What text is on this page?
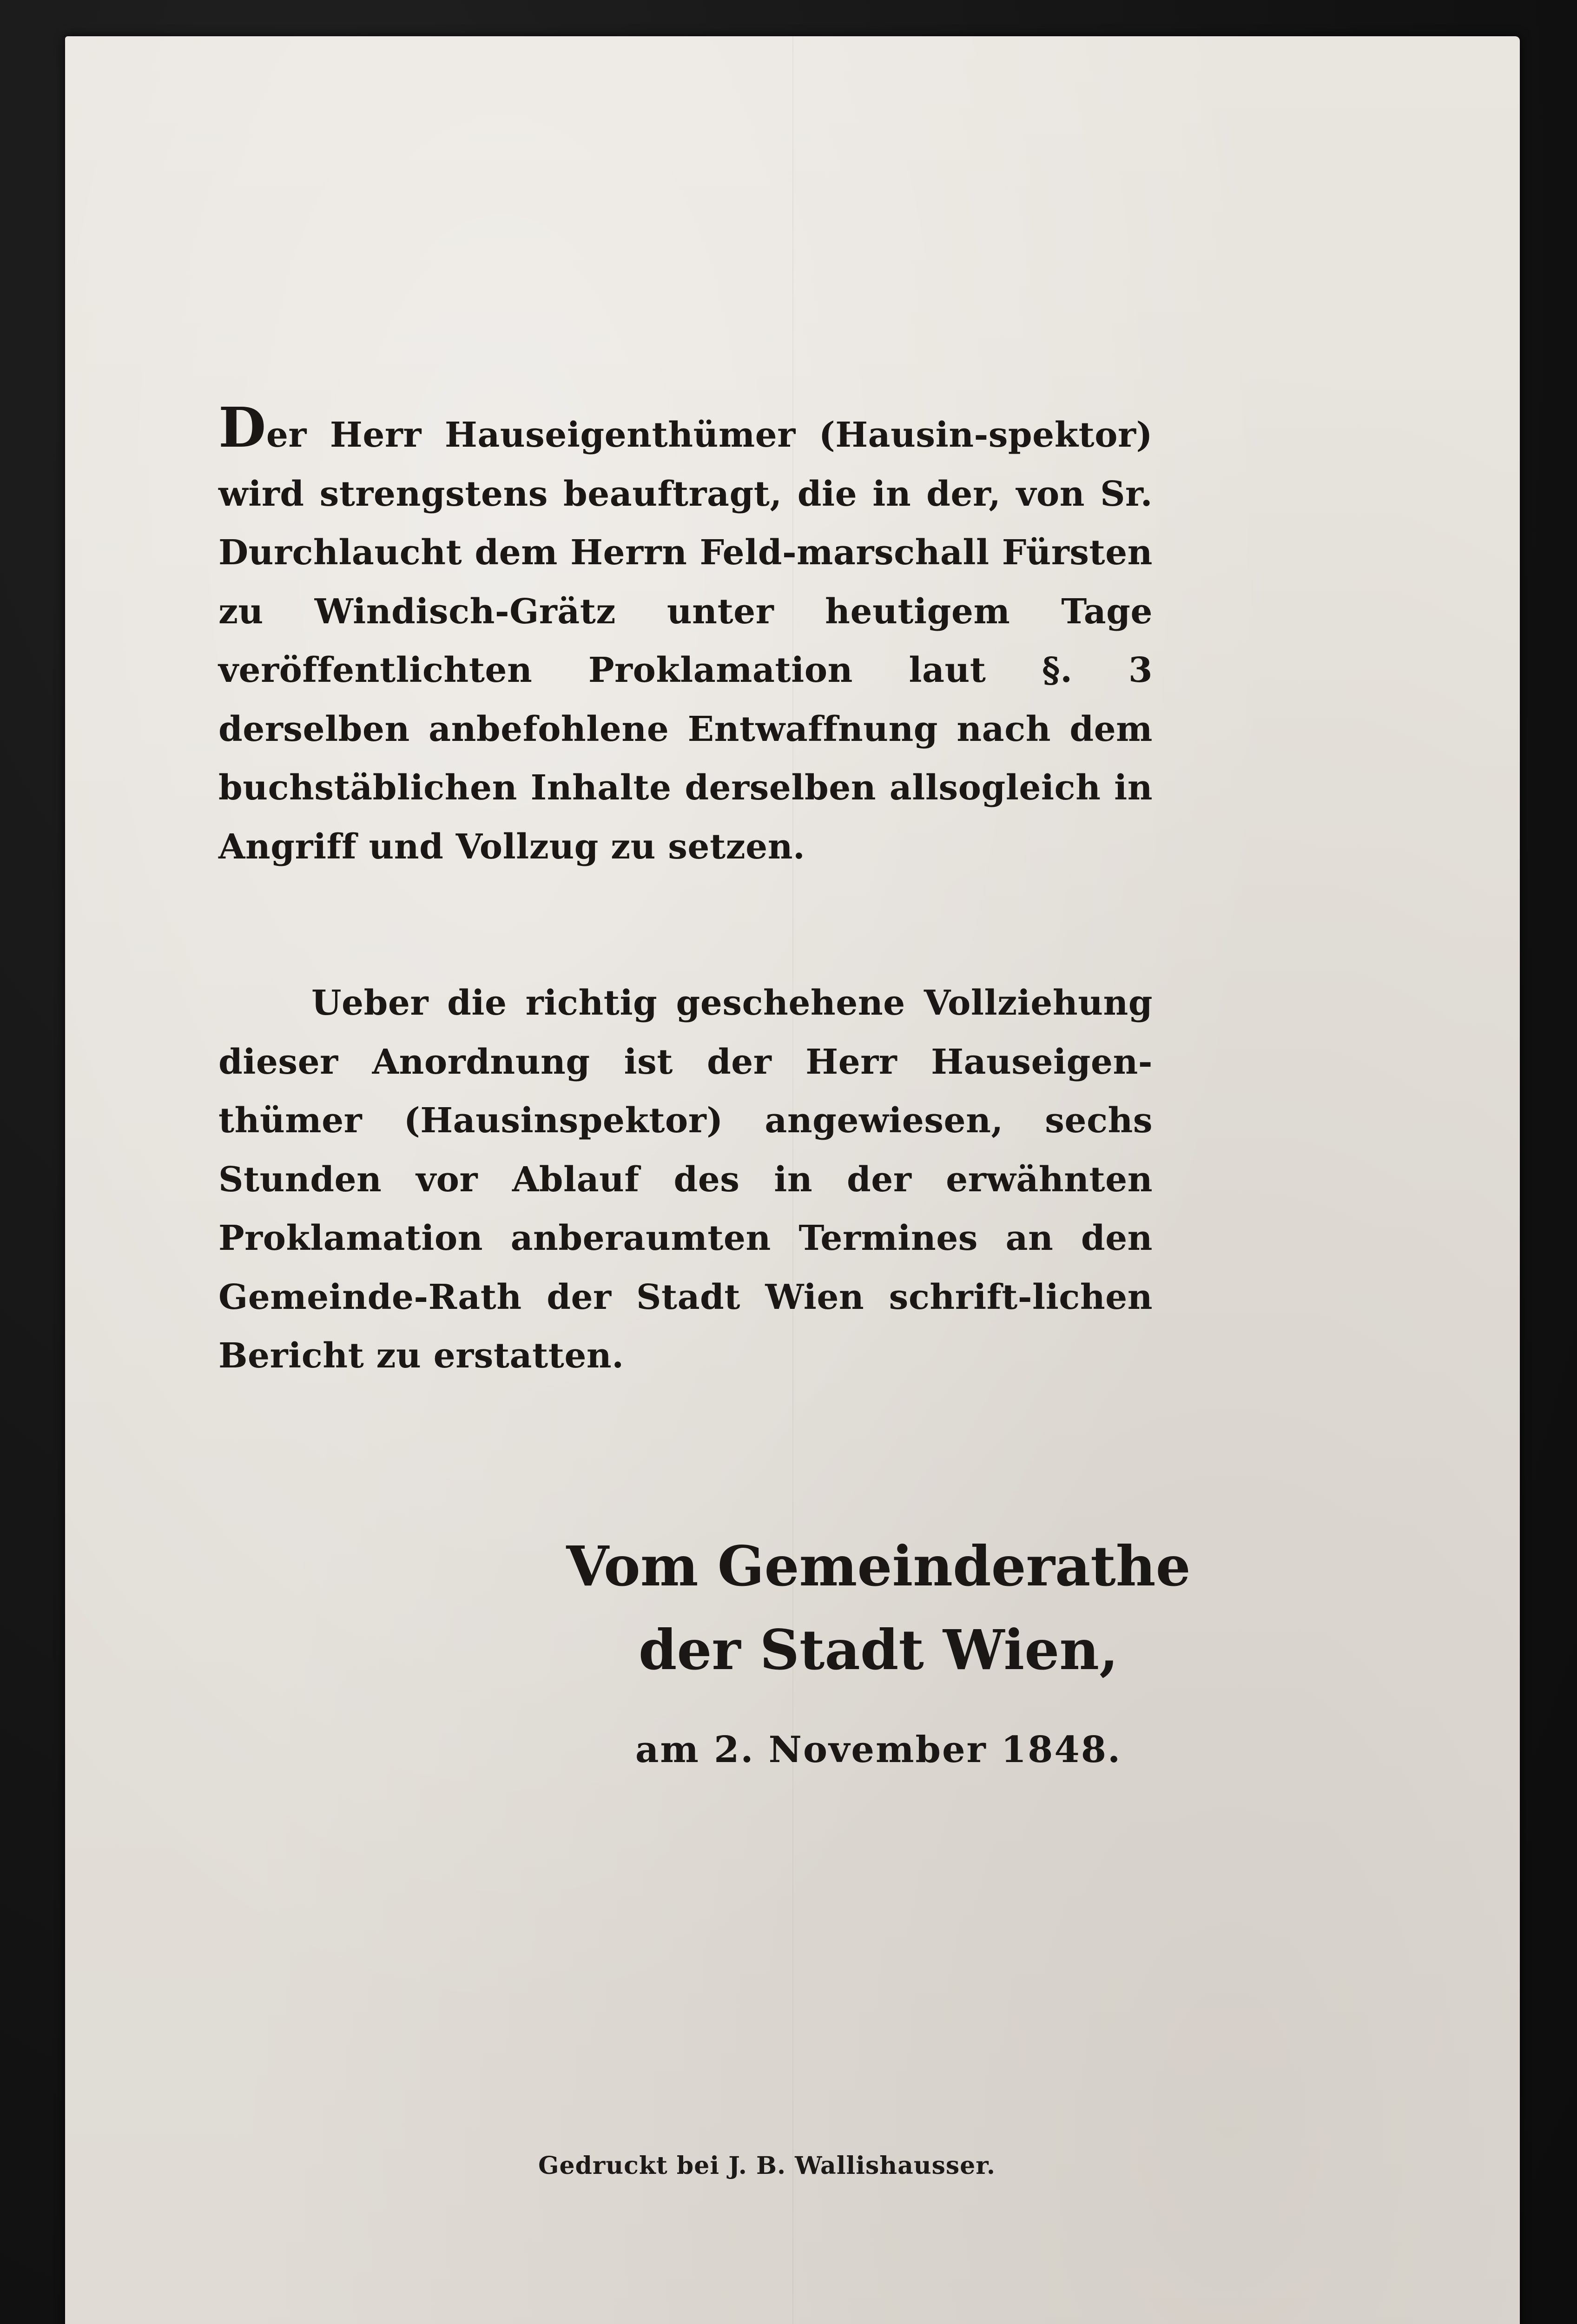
Der Herr Hauseigenthümer (Hausin-spektor) wird strengstens beauftragt, die in der, von Sr. Durchlaucht dem Herrn Feld-marschall Fürsten zu Windisch-Grätz unter heutigem Tage veröffentlichten Proklamation laut §. 3 derselben anbefohlene Entwaffnung nach dem buchstäblichen Inhalte derselben allsogleich in Angriff und Vollzug zu setzen.
Ueber die richtig geschehene Vollziehung dieser Anordnung ist der Herr Hauseigen-thümer (Hausinspektor) angewiesen, sechs Stunden vor Ablauf des in der erwähnten Proklamation anberaumten Termines an den Gemeinde-Rath der Stadt Wien schrift-lichen Bericht zu erstatten.
Vom Gemeinderathe
der Stadt Wien,
am 2. November 1848.
Gedruckt bei J. B. Wallishausser.
